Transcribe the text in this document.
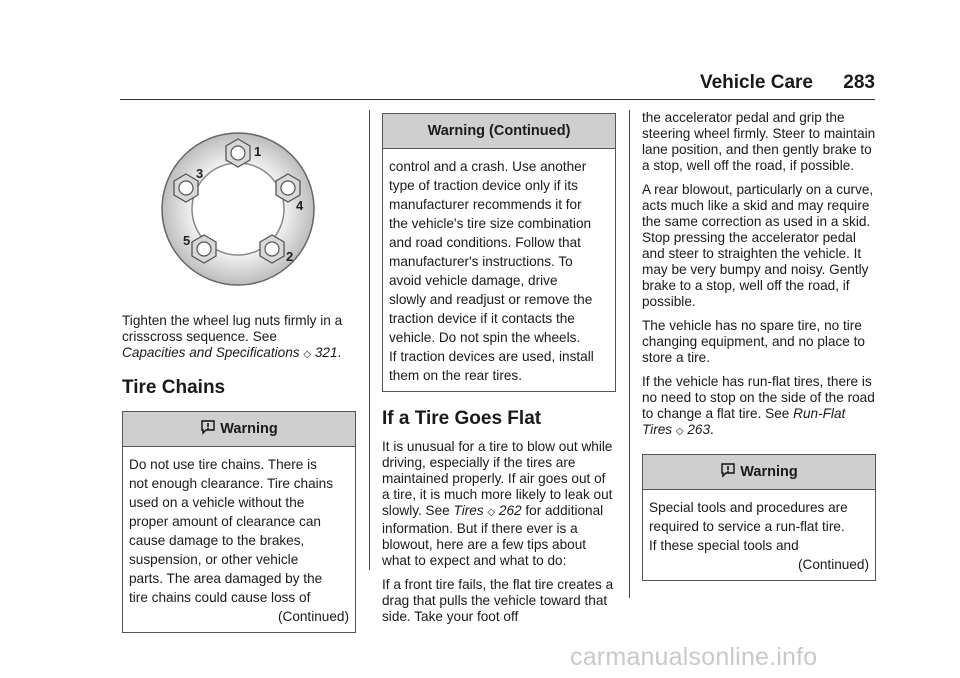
Vehicle Care 283
1
2
3
4
5

Tighten the wheel lug nuts firmly in a crisscross sequence. See
Capacities and Specifications ◇ 321.

Tire Chains
Warning
Do not use tire chains. There is
not enough clearance. Tire chains
used on a vehicle without the
proper amount of clearance can
cause damage to the brakes,
suspension, or other vehicle
parts. The area damaged by the
tire chains could cause loss of
(Continued)
Warning (Continued)
control and a crash. Use another
type of traction device only if its
manufacturer recommends it for
the vehicle's tire size combination
and road conditions. Follow that
manufacturer's instructions. To
avoid vehicle damage, drive
slowly and readjust or remove the
traction device if it contacts the
vehicle. Do not spin the wheels.
If traction devices are used, install
them on the rear tires.
If a Tire Goes Flat

It is unusual for a tire to blow out while driving, especially if the tires are maintained properly. If air goes out of a tire, it is much more likely to leak out slowly. See Tires ◇ 262 for additional information. But if there ever is a blowout, here are a few tips about what to expect and what to do:

If a front tire fails, the flat tire creates a drag that pulls the vehicle toward that side. Take your foot off

the accelerator pedal and grip the steering wheel firmly. Steer to maintain lane position, and then gently brake to a stop, well off the road, if possible.

A rear blowout, particularly on a curve, acts much like a skid and may require the same correction as used in a skid. Stop pressing the accelerator pedal and steer to straighten the vehicle. It may be very bumpy and noisy. Gently brake to a stop, well off the road, if possible.

The vehicle has no spare tire, no tire changing equipment, and no place to store a tire.

If the vehicle has run-flat tires, there is no need to stop on the side of the road to change a flat tire. See Run-Flat Tires ◇ 263.

Warning
Special tools and procedures are
required to service a run-flat tire.
If these special tools and
(Continued)
carmanualsonline.info
